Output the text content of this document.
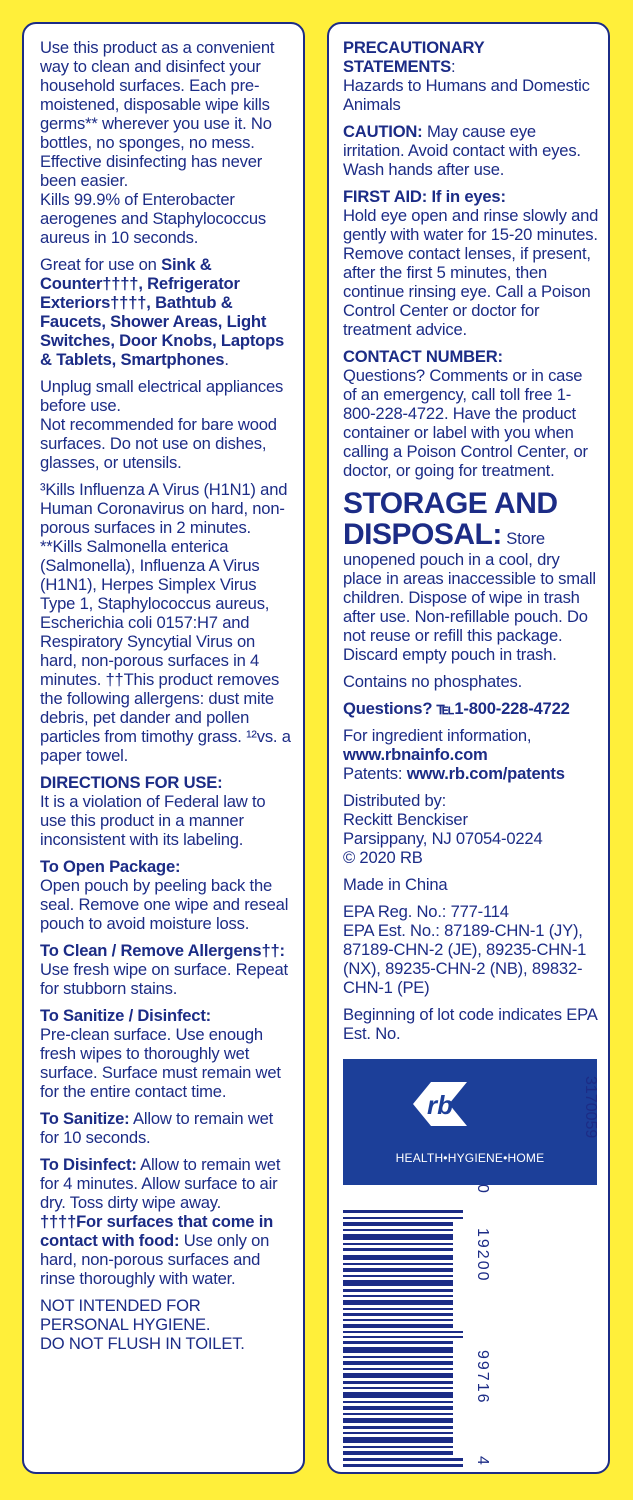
Use this product as a convenient way to clean and disinfect your household surfaces. Each pre-moistened, disposable wipe kills germs** wherever you use it. No bottles, no sponges, no mess. Effective disinfecting has never been easier.
Kills 99.9% of Enterobacter aerogenes and Staphylococcus aureus in 10 seconds.

Great for use on Sink & Counter††††, Refrigerator Exteriors††††, Bathtub & Faucets, Shower Areas, Light Switches, Door Knobs, Laptops & Tablets, Smartphones.

Unplug small electrical appliances before use.
Not recommended for bare wood surfaces. Do not use on dishes, glasses, or utensils.

³Kills Influenza A Virus (H1N1) and Human Coronavirus on hard, non-porous surfaces in 2 minutes. **Kills Salmonella enterica (Salmonella), Influenza A Virus (H1N1), Herpes Simplex Virus Type 1, Staphylococcus aureus, Escherichia coli 0157:H7 and Respiratory Syncytial Virus on hard, non-porous surfaces in 4 minutes. ††This product removes the following allergens: dust mite debris, pet dander and pollen particles from timothy grass. ¹²vs. a paper towel.

DIRECTIONS FOR USE:
It is a violation of Federal law to use this product in a manner inconsistent with its labeling.

To Open Package:
Open pouch by peeling back the seal. Remove one wipe and reseal pouch to avoid moisture loss.

To Clean / Remove Allergens††:
Use fresh wipe on surface. Repeat for stubborn stains.

To Sanitize / Disinfect:
Pre-clean surface. Use enough fresh wipes to thoroughly wet surface. Surface must remain wet for the entire contact time.

To Sanitize: Allow to remain wet for 10 seconds.

To Disinfect: Allow to remain wet for 4 minutes. Allow surface to air dry. Toss dirty wipe away.
††††For surfaces that come in contact with food: Use only on hard, non-porous surfaces and rinse thoroughly with water.

NOT INTENDED FOR PERSONAL HYGIENE.
DO NOT FLUSH IN TOILET.

PRECAUTIONARY STATEMENTS:
Hazards to Humans and Domestic Animals

CAUTION: May cause eye irritation. Avoid contact with eyes. Wash hands after use.

FIRST AID: If in eyes:
Hold eye open and rinse slowly and gently with water for 15-20 minutes. Remove contact lenses, if present, after the first 5 minutes, then continue rinsing eye. Call a Poison Control Center or doctor for treatment advice.

CONTACT NUMBER:
Questions? Comments or in case of an emergency, call toll free 1-800-228-4722. Have the product container or label with you when calling a Poison Control Center, or doctor, or going for treatment.

STORAGE AND
DISPOSAL: Store unopened pouch in a cool, dry place in areas inaccessible to small children. Dispose of wipe in trash after use. Non-refillable pouch. Do not reuse or refill this package. Discard empty pouch in trash.

Contains no phosphates.

Questions? ℡1-800-228-4722

For ingredient information,
www.rbnainfo.com
Patents: www.rb.com/patents

Distributed by:
Reckitt Benckiser
Parsippany, NJ 07054-0224
© 2020 RB

Made in China

EPA Reg. No.: 777-114
EPA Est. No.: 87189-CHN-1 (JY), 87189-CHN-2 (JE), 89235-CHN-1 (NX), 89235-CHN-2 (NB), 89832-CHN-1 (PE)

Beginning of lot code indicates EPA Est. No.

rb
HEALTH•HYGIENE•HOME
3170059
0
19200
99716
4
